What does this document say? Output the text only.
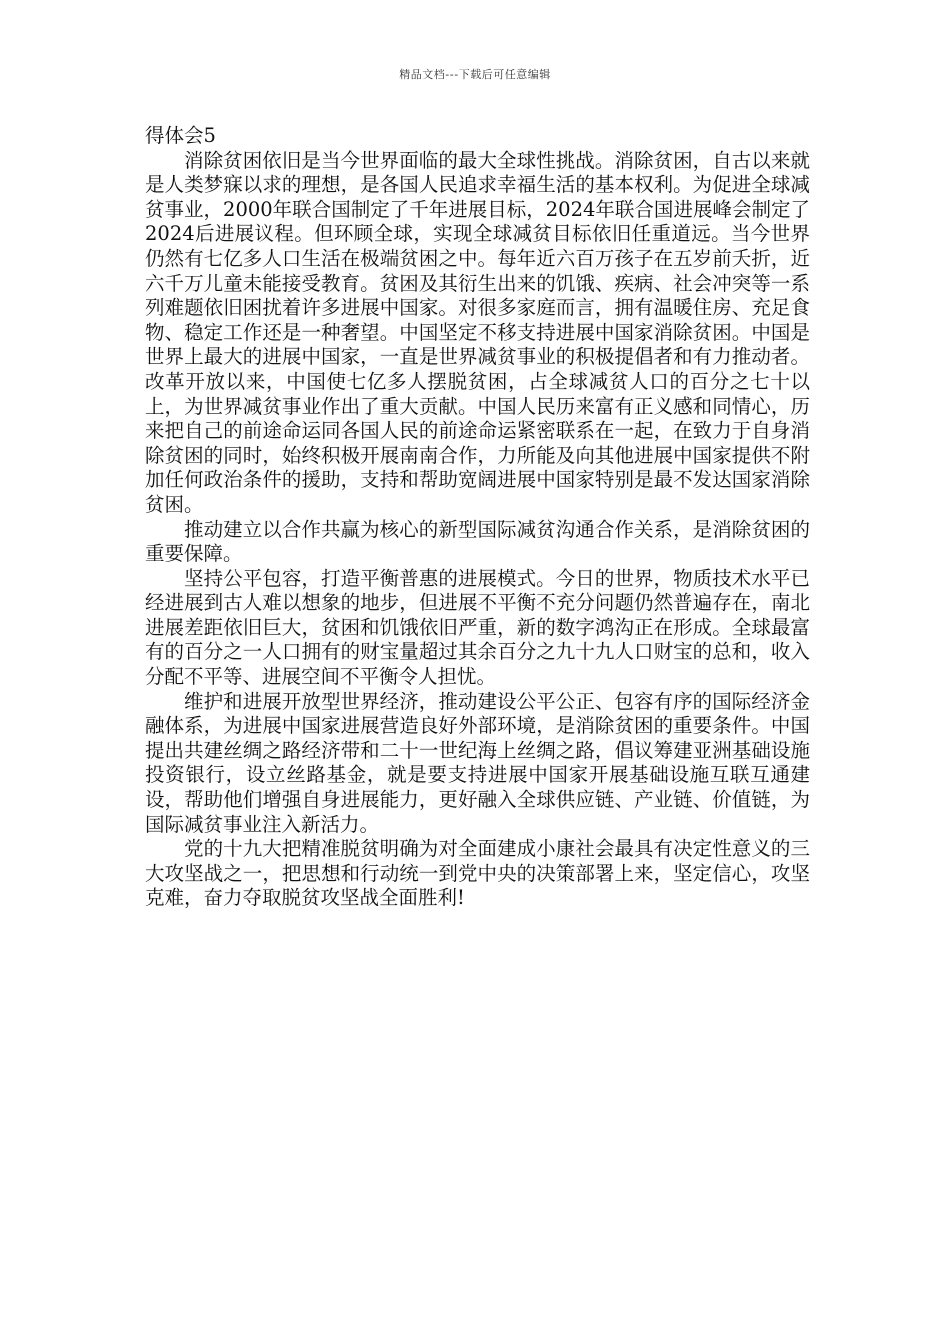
精品文档---下载后可任意编辑
得体会5

消除贫困依旧是当今世界面临的最大全球性挑战。消除贫困，自古以来就是人类梦寐以求的理想，是各国人民追求幸福生活的基本权利。为促进全球减贫事业，2000年联合国制定了千年进展目标，2024年联合国进展峰会制定了2024后进展议程。但环顾全球，实现全球减贫目标依旧任重道远。当今世界仍然有七亿多人口生活在极端贫困之中。每年近六百万孩子在五岁前夭折，近六千万儿童未能接受教育。贫困及其衍生出来的饥饿、疾病、社会冲突等一系列难题依旧困扰着许多进展中国家。对很多家庭而言，拥有温暖住房、充足食物、稳定工作还是一种奢望。中国坚定不移支持进展中国家消除贫困。中国是世界上最大的进展中国家，一直是世界减贫事业的积极提倡者和有力推动者。改革开放以来，中国使七亿多人摆脱贫困，占全球减贫人口的百分之七十以上，为世界减贫事业作出了重大贡献。中国人民历来富有正义感和同情心，历来把自己的前途命运同各国人民的前途命运紧密联系在一起，在致力于自身消除贫困的同时，始终积极开展南南合作，力所能及向其他进展中国家提供不附加任何政治条件的援助，支持和帮助宽阔进展中国家特别是最不发达国家消除贫困。

推动建立以合作共赢为核心的新型国际减贫沟通合作关系，是消除贫困的重要保障。

坚持公平包容，打造平衡普惠的进展模式。今日的世界，物质技术水平已经进展到古人难以想象的地步，但进展不平衡不充分问题仍然普遍存在，南北进展差距依旧巨大，贫困和饥饿依旧严重，新的数字鸿沟正在形成。全球最富有的百分之一人口拥有的财宝量超过其余百分之九十九人口财宝的总和，收入分配不平等、进展空间不平衡令人担忧。

维护和进展开放型世界经济，推动建设公平公正、包容有序的国际经济金融体系，为进展中国家进展营造良好外部环境，是消除贫困的重要条件。中国提出共建丝绸之路经济带和二十一世纪海上丝绸之路，倡议筹建亚洲基础设施投资银行，设立丝路基金，就是要支持进展中国家开展基础设施互联互通建设，帮助他们增强自身进展能力，更好融入全球供应链、产业链、价值链，为国际减贫事业注入新活力。

党的十九大把精准脱贫明确为对全面建成小康社会最具有决定性意义的三大攻坚战之一，把思想和行动统一到党中央的决策部署上来，坚定信心，攻坚克难，奋力夺取脱贫攻坚战全面胜利!
